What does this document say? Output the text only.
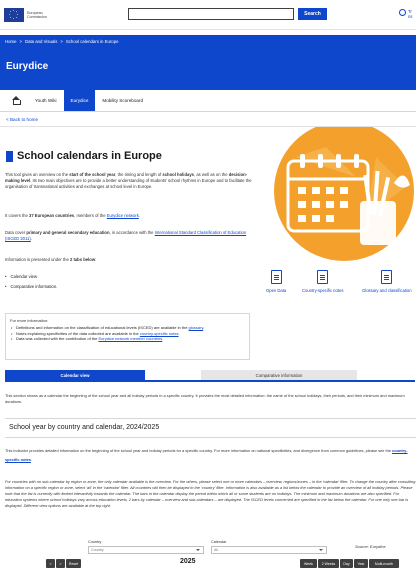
European
Commission	Search	Tr
ns
Home > Data and Visuals > School calendars in Europe
Eurydice
Youth Wiki	Eurydice	Mobility Scoreboard
< Back to home
School calendars in Europe
This tool gives an overview on the start of the school year, the timing and length of school holidays, as well as on the decision-making level. Its two main objectives are to provide a better understanding of students' school rhythms in Europe and to facilitate the organisation of transnational activities and exchanges at school level in Europe.
It covers the 37 European countries, members of the Eurydice network.
Data cover primary and general secondary education, in accordance with the International Standard Classification of Education (ISCED 2011).
Information is presented under the 2 tabs below:
• Calendar view
• Comparative information.
Open Data	Country-specific notes	Glossary and classification
For more information:
• Definitions and information on the classification of educational levels (ISCED) are available in the glossary.
• Notes explaining specificities of the data collected are available in the country-specific notes.
• Data was collected with the contribution of the Eurydice network member countries.
Calendar view	Comparative information
This section shows as a calendar the beginning of the school year and all holiday periods in a specific country. It provides the most detailed information: the name of the school holidays, their periods, and their minimum and maximum durations.
School year by country and calendar, 2024/2025
This indicator provides detailed information on the beginning of the school year and holiday periods for a specific country. For more information on national specificities, and divergence from common guidelines, please see the country-specific notes.
For countries with no sub-calendar by region or zone, the only calendar available is the overview. For the others, please select one or more calendars – overview, regions/zones – in the 'calendar' filter. To change the country after consulting information on a specific region or zone, select 'all' in the 'calendar' filter. All countries will then be displayed in the 'country' filter. Information is also available as a list below the calendar to provide an overview of all holiday periods. Please note that the list is currently with limited interactivity towards the calendar. The bars in the calendar display the period within which all or some students are on holidays. The minimum and maximum durations are also specified. For education systems where school holidays vary across education levels, 2 bars by calendar – overview and sub-calendars – are displayed. The ISCED levels concerned are specified in the list below the calendar. For one only one bar is displayed. Different view options are available at the top right.
Country
Country
Calendar
All
Source: Eurydice.
<	>	Reset	2025	Week	2 Weeks	Day	Year	Multi-month
